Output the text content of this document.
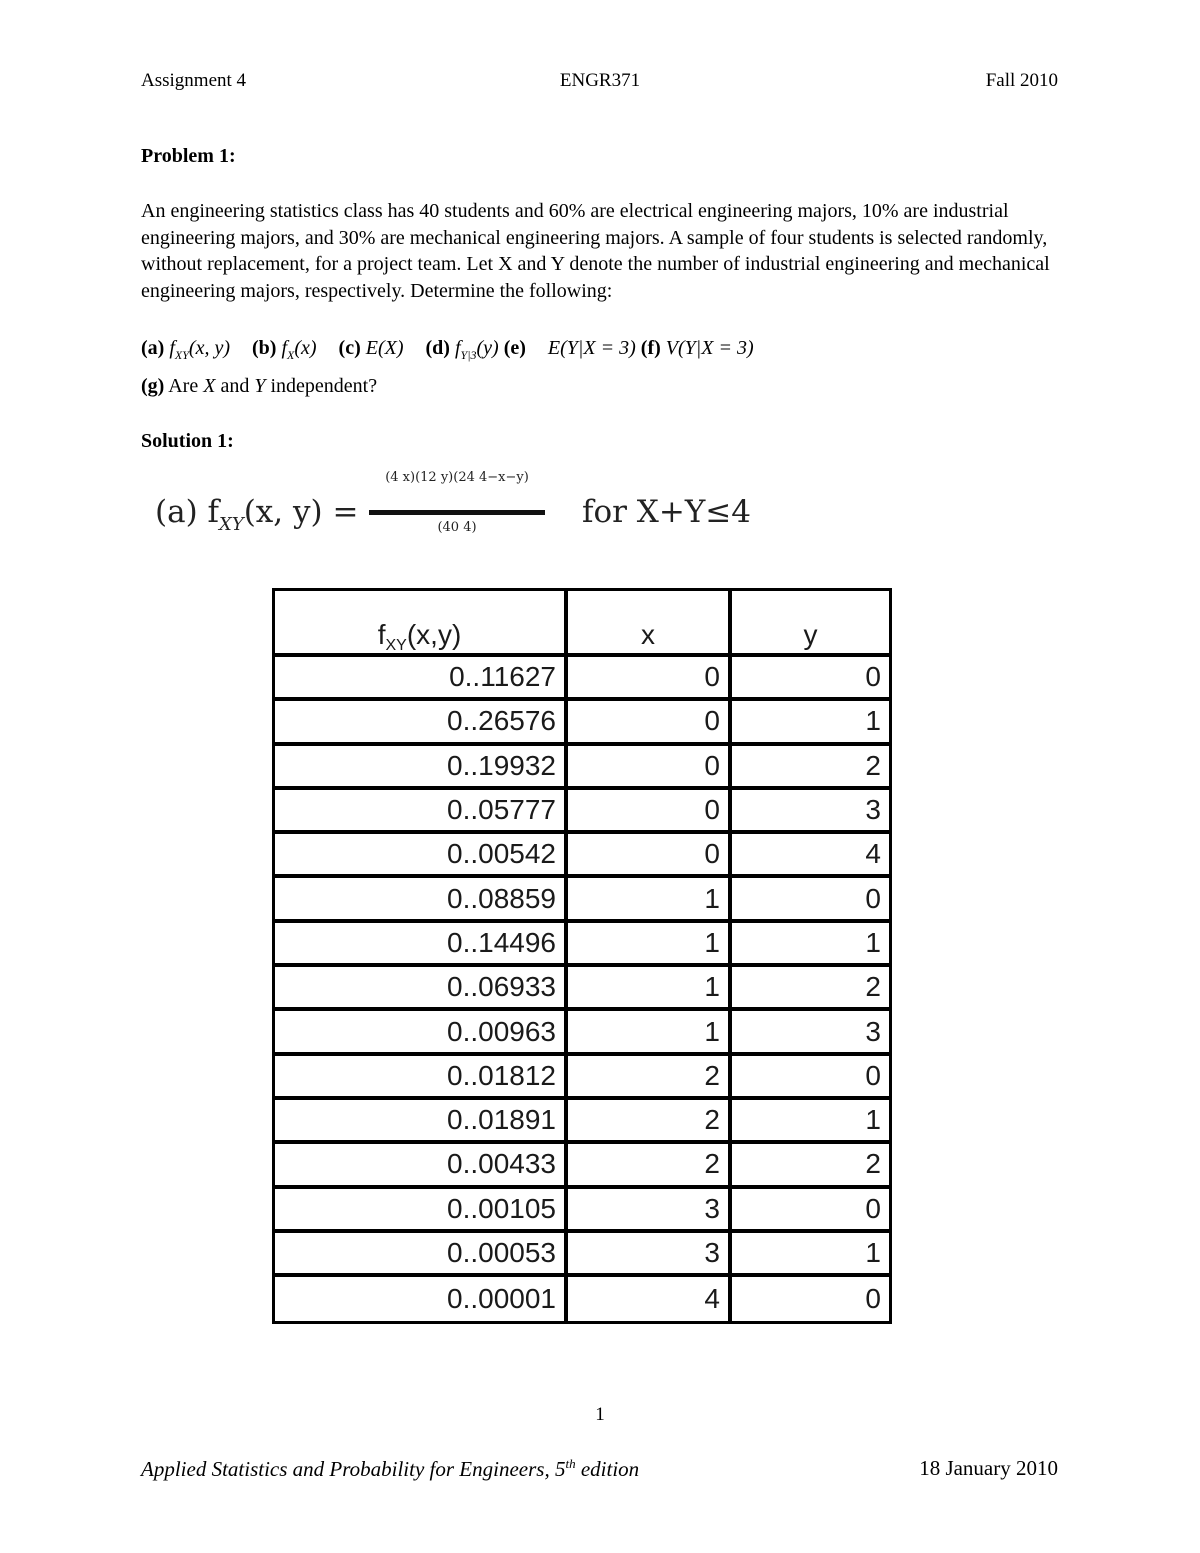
Assignment 4	ENGR371	Fall 2010
Problem 1:
An engineering statistics class has 40 students and 60% are electrical engineering majors, 10% are industrial engineering majors, and 30% are mechanical engineering majors. A sample of four students is selected randomly, without replacement, for a project team. Let X and Y denote the number of industrial engineering and mechanical engineering majors, respectively. Determine the following:
(a) $f_{XY}(x$, y) (b) $f_X(x)$ (c) E(X) (d) $f_{Y|3}(y)$ (e) E(Y|X = 3) (f) V(Y|X = 3)
(g) Are X and Y independent?
Solution 1:
(a) $f_{XY}(x$, y) =
(4 x)(12 y)(24 4−x−y)
(40 4)	for X+Y≤4
$f_{XY}(x,y)$	x	y
0..11627	0	0
0..26576	0	1
0..19932	0	2
0..05777	0	3
0..00542	0	4
0..08859	1	0
0..14496	1	1
0..06933	1	2
0..00963	1	3
0..01812	2	0
0..01891	2	1
0..00433	2	2
0..00105	3	0
0..00053	3	1
0..00001	4	0
1
Applied Statistics and Probability for Engineers, 5th edition	18 January 2010
